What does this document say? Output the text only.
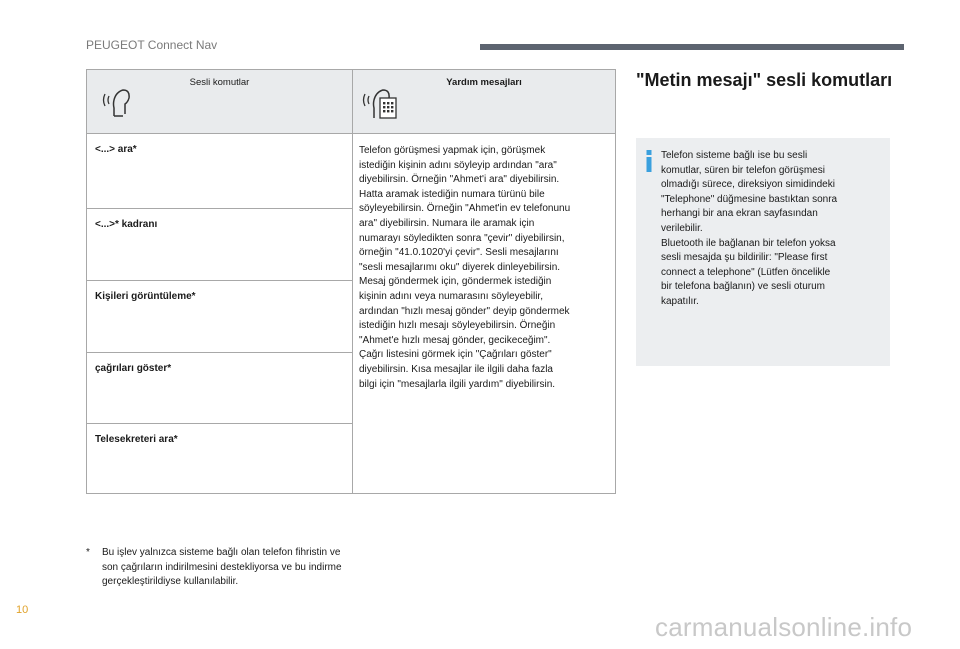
PEUGEOT Connect Nav
Sesli komutlar	Yardım mesajları
<...> ara*
<...>* kadranı
Kişileri görüntüleme*
çağrıları göster*
Telesekreteri ara*
Telefon görüşmesi yapmak için, görüşmek
istediğin kişinin adını söyleyip ardından "ara"
diyebilirsin. Örneğin "Ahmet'i ara" diyebilirsin.
Hatta aramak istediğin numara türünü bile
söyleyebilirsin. Örneğin "Ahmet'in ev telefonunu
ara" diyebilirsin. Numara ile aramak için
numarayı söyledikten sonra "çevir" diyebilirsin,
örneğin "41.0.1020'yi çevir". Sesli mesajlarını
"sesli mesajlarımı oku" diyerek dinleyebilirsin.
Mesaj göndermek için, göndermek istediğin
kişinin adını veya numarasını söyleyebilir,
ardından "hızlı mesaj gönder" deyip göndermek
istediğin hızlı mesajı söyleyebilirsin. Örneğin
"Ahmet'e hızlı mesaj gönder, gecikeceğim".
Çağrı listesini görmek için "Çağrıları göster"
diyebilirsin. Kısa mesajlar ile ilgili daha fazla
bilgi için "mesajlarla ilgili yardım" diyebilirsin.
* Bu işlev yalnızca sisteme bağlı olan telefon fihristin ve son çağrıların indirilmesini destekliyorsa ve bu indirme gerçekleştirildiyse kullanılabilir.
"Metin mesajı" sesli komutları
Telefon sisteme bağlı ise bu sesli
komutlar, süren bir telefon görüşmesi
olmadığı sürece, direksiyon simidindeki
"Telephone" düğmesine bastıktan sonra
herhangi bir ana ekran sayfasından
verilebilir.
Bluetooth ile bağlanan bir telefon yoksa
sesli mesajda şu bildirilir: "Please first
connect a telephone" (Lütfen öncelikle
bir telefona bağlanın) ve sesli oturum
kapatılır.
10
carmanualsonline.info
